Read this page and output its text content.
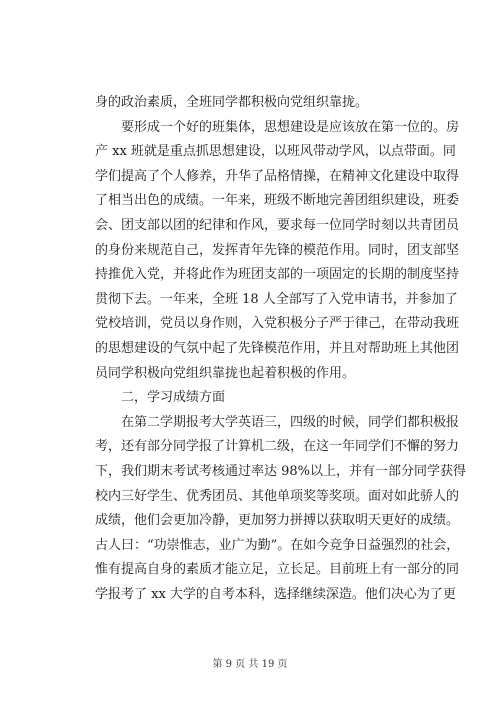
身的政治素质，全班同学都积极向党组织靠拢。
　　要形成一个好的班集体，思想建设是应该放在第一位的。房
产 xx 班就是重点抓思想建设，以班风带动学风，以点带面。同
学们提高了个人修养，升华了品格情操，在精神文化建设中取得
了相当出色的成绩。一年来，班级不断地完善团组织建设，班委
会、团支部以团的纪律和作风，要求每一位同学时刻以共青团员
的身份来规范自己，发挥青年先锋的模范作用。同时，团支部坚
持推优入党，并将此作为班团支部的一项固定的长期的制度坚持
贯彻下去。一年来，全班 18 人全部写了入党申请书，并参加了
党校培训，党员以身作则，入党积极分子严于律己，在带动我班
的思想建设的气氛中起了先锋模范作用，并且对帮助班上其他团
员同学积极向党组织靠拢也起着积极的作用。
　　二，学习成绩方面
　　在第二学期报考大学英语三，四级的时候，同学们都积极报
考，还有部分同学报了计算机二级，在这一年同学们不懈的努力
下，我们期末考试考核通过率达 98%以上，并有一部分同学获得
校内三好学生、优秀团员、其他单项奖等奖项。面对如此骄人的
成绩，他们会更加冷静，更加努力拼搏以获取明天更好的成绩。
古人曰：“功崇惟志，业广为勤”。在如今竞争日益强烈的社会，
惟有提高自身的素质才能立足，立长足。目前班上有一部分的同
学报考了 xx 大学的自考本科，选择继续深造。他们决心为了更
第 9 页 共 19 页
